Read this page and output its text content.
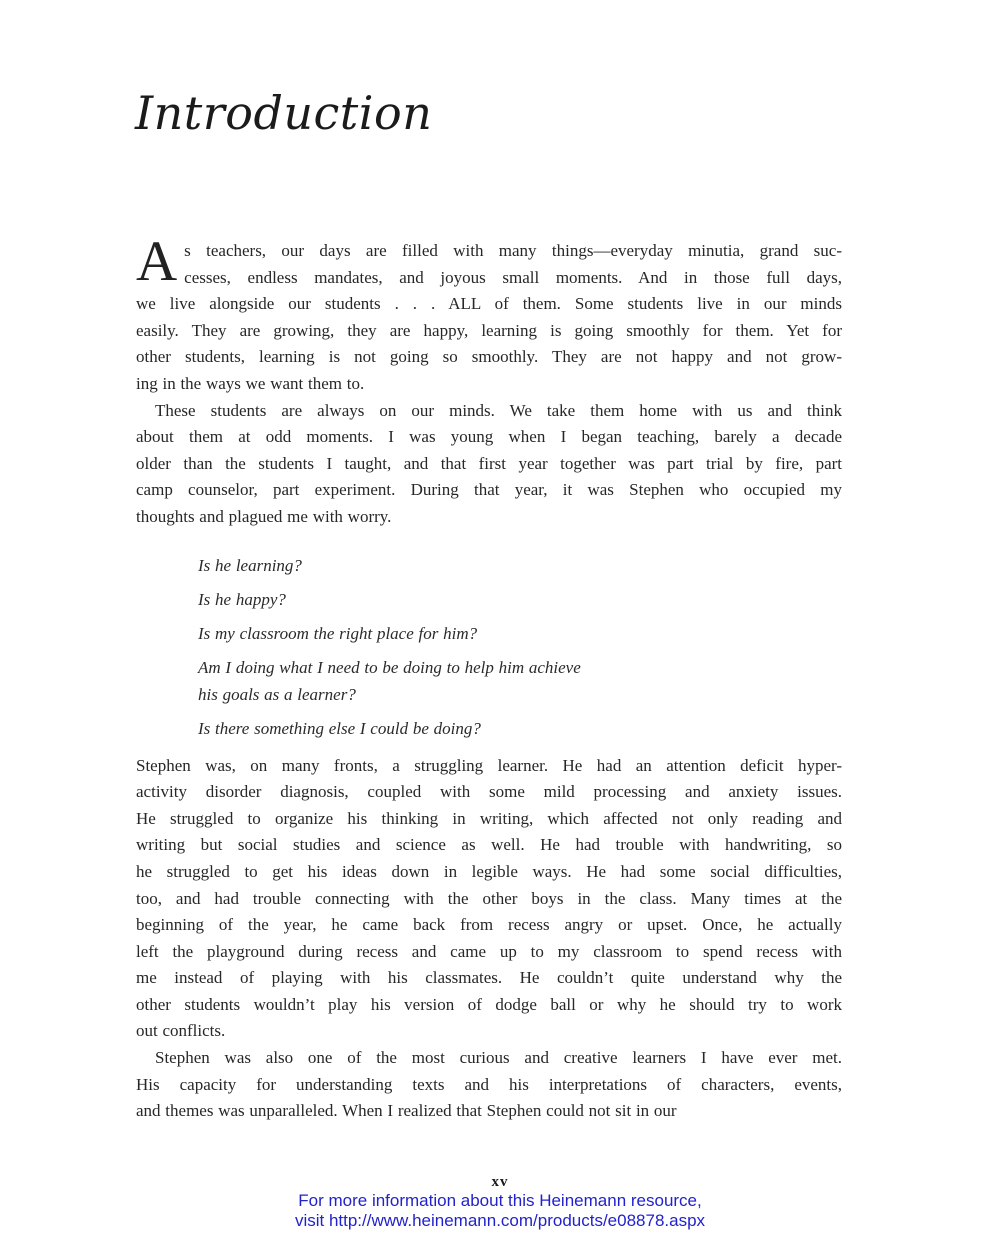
Introduction
A s teachers, our days are filled with many things—everyday minutia, grand suc-
cesses, endless mandates, and joyous small moments. And in those full days,
we live alongside our students . . . ALL of them. Some students live in our minds
easily. They are growing, they are happy, learning is going smoothly for them. Yet for
other students, learning is not going so smoothly. They are not happy and not grow-
ing in the ways we want them to.
These students are always on our minds. We take them home with us and think
about them at odd moments. I was young when I began teaching, barely a decade
older than the students I taught, and that first year together was part trial by fire, part
camp counselor, part experiment. During that year, it was Stephen who occupied my
thoughts and plagued me with worry.
Is he learning?
Is he happy?
Is my classroom the right place for him?
Am I doing what I need to be doing to help him achieve
his goals as a learner?
Is there something else I could be doing?
Stephen was, on many fronts, a struggling learner. He had an attention deficit hyper-
activity disorder diagnosis, coupled with some mild processing and anxiety issues.
He struggled to organize his thinking in writing, which affected not only reading and
writing but social studies and science as well. He had trouble with handwriting, so
he struggled to get his ideas down in legible ways. He had some social difficulties,
too, and had trouble connecting with the other boys in the class. Many times at the
beginning of the year, he came back from recess angry or upset. Once, he actually
left the playground during recess and came up to my classroom to spend recess with
me instead of playing with his classmates. He couldn’t quite understand why the
other students wouldn’t play his version of dodge ball or why he should try to work
out conflicts.
Stephen was also one of the most curious and creative learners I have ever met.
His capacity for understanding texts and his interpretations of characters, events,
and themes was unparalleled. When I realized that Stephen could not sit in our
xv
For more information about this Heinemann resource,
visit http://www.heinemann.com/products/e08878.aspx
